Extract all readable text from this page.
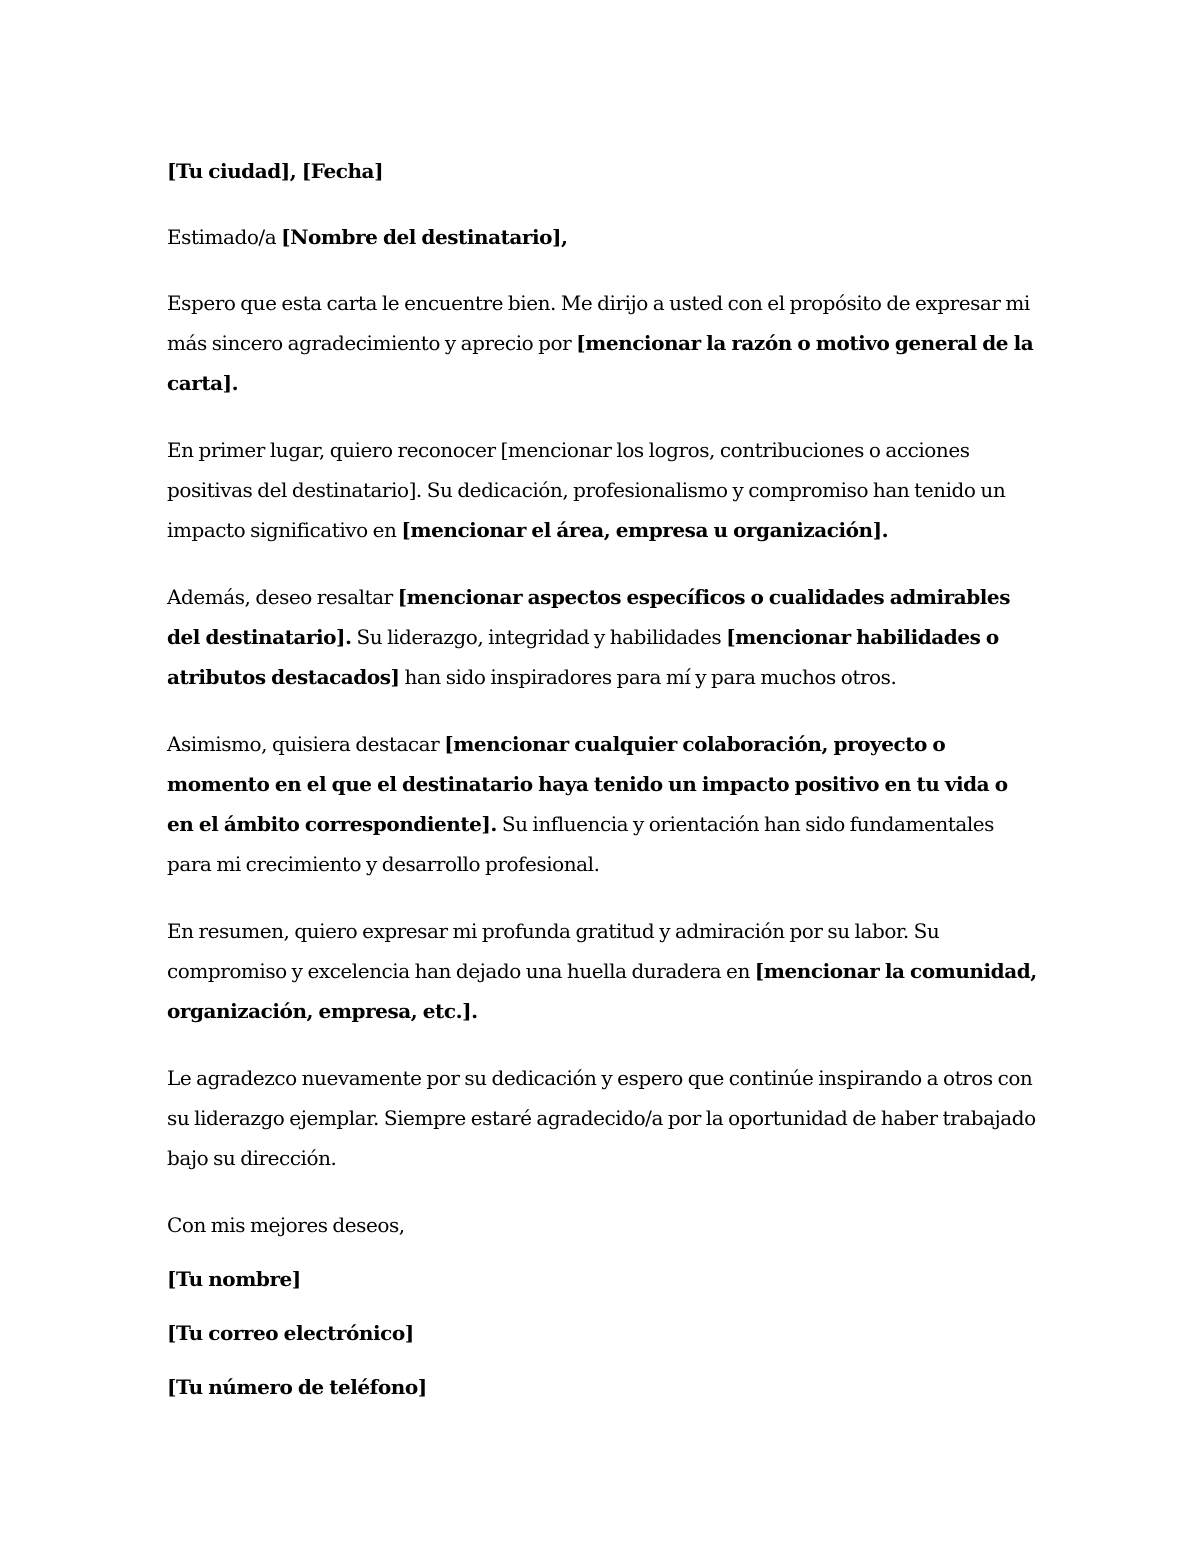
[Tu ciudad], [Fecha]

Estimado/a [Nombre del destinatario],

Espero que esta carta le encuentre bien. Me dirijo a usted con el propósito de expresar mi más sincero agradecimiento y aprecio por [mencionar la razón o motivo general de la carta].

En primer lugar, quiero reconocer [mencionar los logros, contribuciones o acciones positivas del destinatario]. Su dedicación, profesionalismo y compromiso han tenido un impacto significativo en [mencionar el área, empresa u organización].

Además, deseo resaltar [mencionar aspectos específicos o cualidades admirables del destinatario]. Su liderazgo, integridad y habilidades [mencionar habilidades o atributos destacados] han sido inspiradores para mí y para muchos otros.

Asimismo, quisiera destacar [mencionar cualquier colaboración, proyecto o momento en el que el destinatario haya tenido un impacto positivo en tu vida o en el ámbito correspondiente]. Su influencia y orientación han sido fundamentales para mi crecimiento y desarrollo profesional.

En resumen, quiero expresar mi profunda gratitud y admiración por su labor. Su compromiso y excelencia han dejado una huella duradera en [mencionar la comunidad, organización, empresa, etc.].

Le agradezco nuevamente por su dedicación y espero que continúe inspirando a otros con su liderazgo ejemplar. Siempre estaré agradecido/a por la oportunidad de haber trabajado bajo su dirección.

Con mis mejores deseos,

[Tu nombre]

[Tu correo electrónico]

[Tu número de teléfono]
